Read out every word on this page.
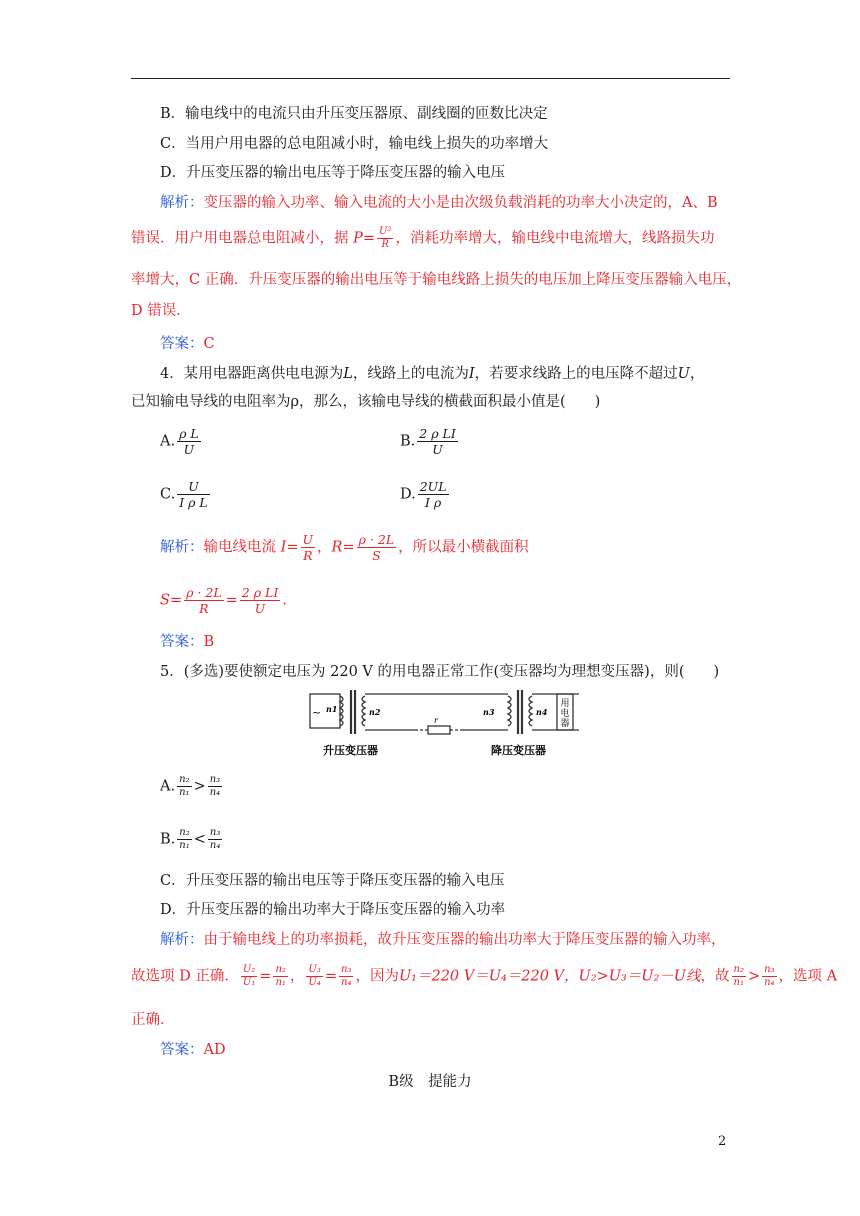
B．输电线中的电流只由升压变压器原、副线圈的匝数比决定
C．当用户用电器的总电阻减小时，输电线上损失的功率增大
D．升压变压器的输出电压等于降压变压器的输入电压
解析：变压器的输入功率、输入电流的大小是由次级负载消耗的功率大小决定的，A、B
错误．用户用电器总电阻减小，据 $P= \frac{\text{U²}}{R}$ ，消耗功率增大，输电线中电流增大，线路损失功
率增大，C 正确．升压变压器的输出电压等于输电线路上损失的电压加上降压变压器输入电压，
D 错误．
答案：C
4．某用电器距离供电电源为L，线路上的电流为I，若要求线路上的电压降不超过U，
已知输电导线的电阻率为ρ，那么，该输电导线的横截面积最小值是(　　)
A. $\frac{\text{ρ L}}{U}$	B. $\frac{\text{2 ρ LI}}{U}$
C. $\frac{U}{\text{I ρ L}}$	D. $\frac{2UL}{\text{I ρ}}$
解析：输电线电流 $I= \frac{U}{R}$ ，$R= \frac{\rho \cdot 2L}{S}$ ，所以最小横截面积
$S= \frac{\rho \cdot 2L}{R} = \frac{\text{2 ρ LI}}{U}$ .
答案：B
5．(多选)要使额定电压为 220 V 的用电器正常工作(变压器均为理想变压器)，则(　　)
~ n1	n2	n3	n4
r
用电器
升压变压器	降压变压器
A. $\frac{\text{n₂}}{\text{n₁}} > \frac{\text{n₃}}{\text{n₄}}$
B. $\frac{\text{n₂}}{\text{n₁}} < \frac{\text{n₃}}{\text{n₄}}$
C．升压变压器的输出电压等于降压变压器的输入电压
D．升压变压器的输出功率大于降压变压器的输入功率
解析：由于输电线上的功率损耗，故升压变压器的输出功率大于降压变压器的输入功率，
故选项 D 正确． $\frac{\text{U₂}}{\text{U₁}} = \frac{\text{n₂}}{\text{n₁}}$ ， $\frac{\text{U₃}}{\text{U₄}} = \frac{\text{n₃}}{\text{n₄}}$ ，因为U₁＝220 V＝U₄＝220 V，U₂>U₃＝U₂－U线，故 $\frac{\text{n₂}}{\text{n₁}} > \frac{\text{n₃}}{\text{n₄}}$ ，选项 A
正确．
答案：AD
B级　提能力
2
